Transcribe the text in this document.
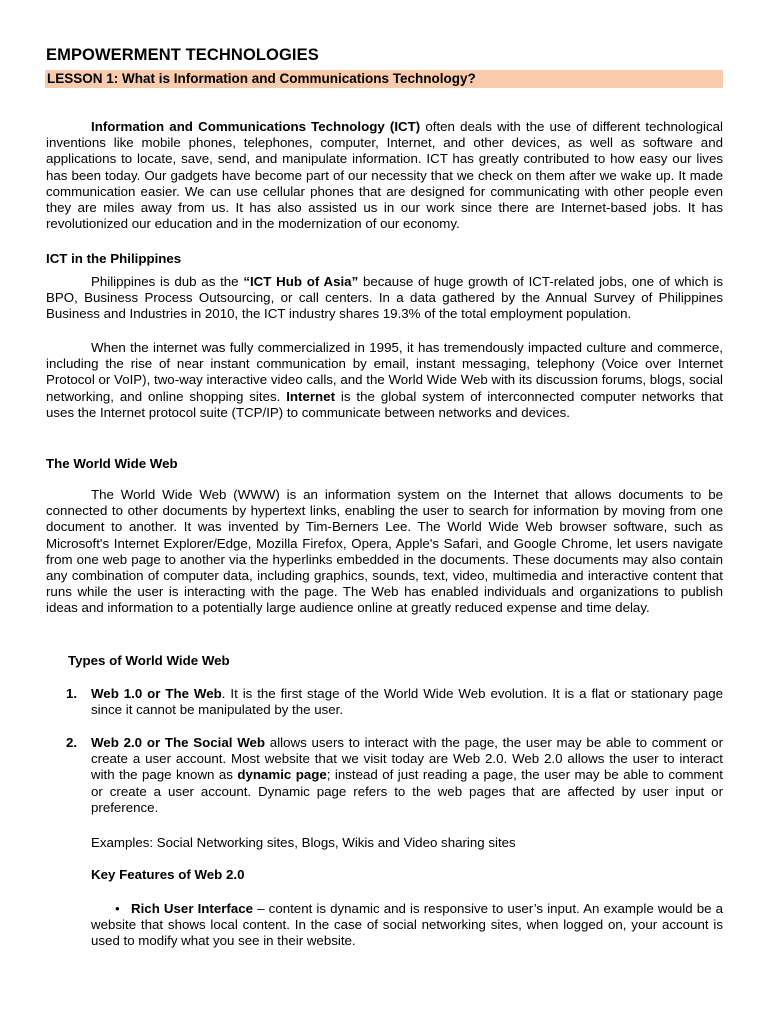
EMPOWERMENT TECHNOLOGIES
LESSON 1: What is Information and Communications Technology?
Information and Communications Technology (ICT) often deals with the use of different technological inventions like mobile phones, telephones, computer, Internet, and other devices, as well as software and applications to locate, save, send, and manipulate information. ICT has greatly contributed to how easy our lives has been today. Our gadgets have become part of our necessity that we check on them after we wake up. It made communication easier. We can use cellular phones that are designed for communicating with other people even they are miles away from us. It has also assisted us in our work since there are Internet-based jobs. It has revolutionized our education and in the modernization of our economy.
ICT in the Philippines
Philippines is dub as the “ICT Hub of Asia” because of huge growth of ICT-related jobs, one of which is BPO, Business Process Outsourcing, or call centers. In a data gathered by the Annual Survey of Philippines Business and Industries in 2010, the ICT industry shares 19.3% of the total employment population.
When the internet was fully commercialized in 1995, it has tremendously impacted culture and commerce, including the rise of near instant communication by email, instant messaging, telephony (Voice over Internet Protocol or VoIP), two-way interactive video calls, and the World Wide Web with its discussion forums, blogs, social networking, and online shopping sites. Internet is the global system of interconnected computer networks that uses the Internet protocol suite (TCP/IP) to communicate between networks and devices.
The World Wide Web
The World Wide Web (WWW) is an information system on the Internet that allows documents to be connected to other documents by hypertext links, enabling the user to search for information by moving from one document to another. It was invented by Tim-Berners Lee. The World Wide Web browser software, such as Microsoft's Internet Explorer/Edge, Mozilla Firefox, Opera, Apple's Safari, and Google Chrome, let users navigate from one web page to another via the hyperlinks embedded in the documents. These documents may also contain any combination of computer data, including graphics, sounds, text, video, multimedia and interactive content that runs while the user is interacting with the page. The Web has enabled individuals and organizations to publish ideas and information to a potentially large audience online at greatly reduced expense and time delay.
Types of World Wide Web
1. Web 1.0 or The Web. It is the first stage of the World Wide Web evolution. It is a flat or stationary page since it cannot be manipulated by the user.
2. Web 2.0 or The Social Web allows users to interact with the page, the user may be able to comment or create a user account. Most website that we visit today are Web 2.0. Web 2.0 allows the user to interact with the page known as dynamic page; instead of just reading a page, the user may be able to comment or create a user account. Dynamic page refers to the web pages that are affected by user input or preference.
Examples: Social Networking sites, Blogs, Wikis and Video sharing sites
Key Features of Web 2.0
• Rich User Interface – content is dynamic and is responsive to user’s input. An example would be a website that shows local content. In the case of social networking sites, when logged on, your account is used to modify what you see in their website.
